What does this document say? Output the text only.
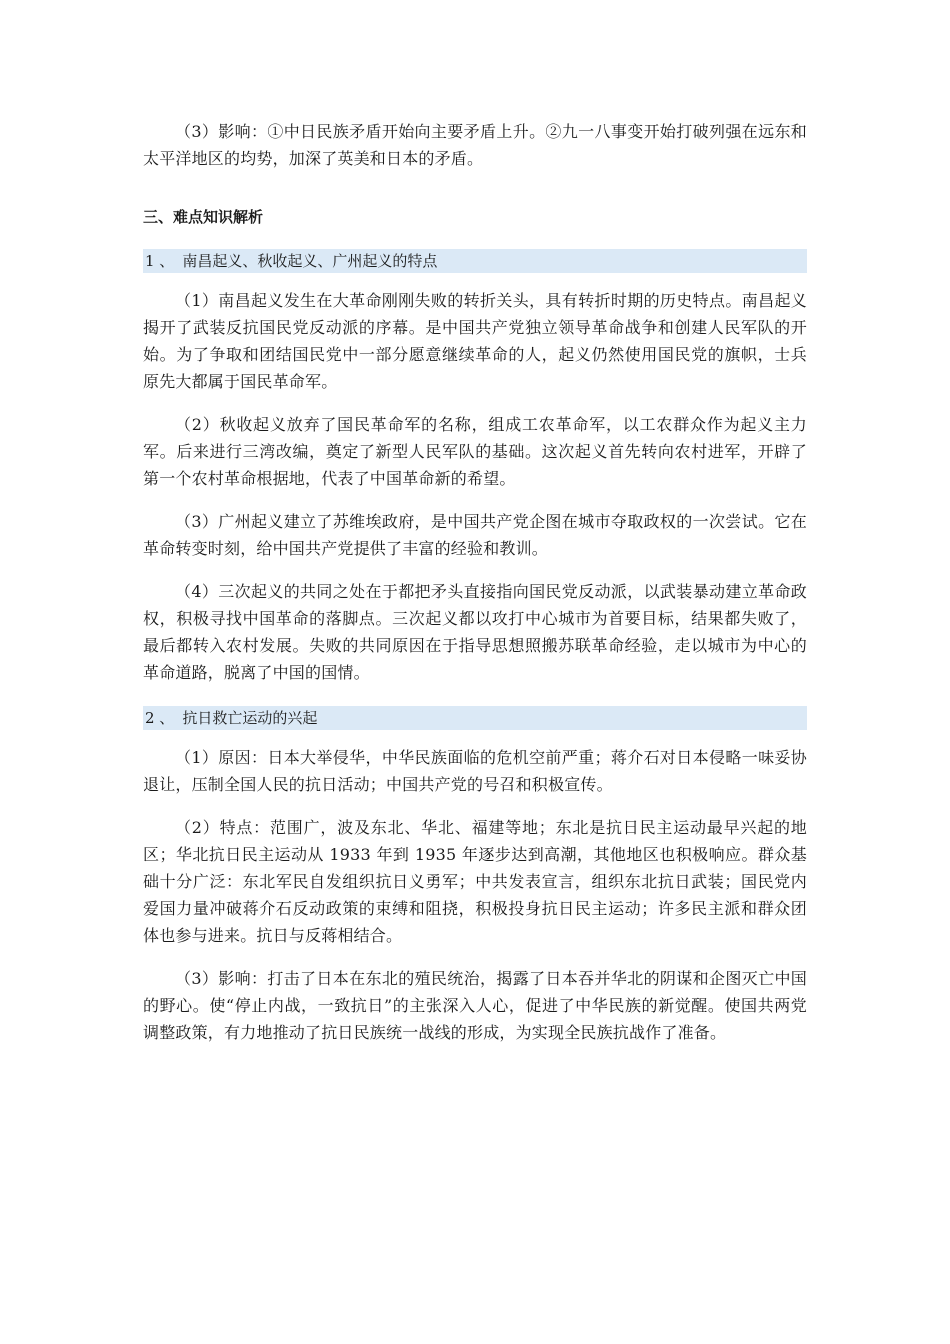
（3）影响：①中日民族矛盾开始向主要矛盾上升。②九一八事变开始打破列强在远东和太平洋地区的均势，加深了英美和日本的矛盾。

三、难点知识解析

1 、 南昌起义、秋收起义、广州起义的特点

（1）南昌起义发生在大革命刚刚失败的转折关头，具有转折时期的历史特点。南昌起义揭开了武装反抗国民党反动派的序幕。是中国共产党独立领导革命战争和创建人民军队的开始。为了争取和团结国民党中一部分愿意继续革命的人，起义仍然使用国民党的旗帜，士兵原先大都属于国民革命军。

（2）秋收起义放弃了国民革命军的名称，组成工农革命军，以工农群众作为起义主力军。后来进行三湾改编，奠定了新型人民军队的基础。这次起义首先转向农村进军，开辟了第一个农村革命根据地，代表了中国革命新的希望。

（3）广州起义建立了苏维埃政府，是中国共产党企图在城市夺取政权的一次尝试。它在革命转变时刻，给中国共产党提供了丰富的经验和教训。

（4）三次起义的共同之处在于都把矛头直接指向国民党反动派，以武装暴动建立革命政权，积极寻找中国革命的落脚点。三次起义都以攻打中心城市为首要目标，结果都失败了，最后都转入农村发展。失败的共同原因在于指导思想照搬苏联革命经验，走以城市为中心的革命道路，脱离了中国的国情。

2 、 抗日救亡运动的兴起

（1）原因：日本大举侵华，中华民族面临的危机空前严重；蒋介石对日本侵略一味妥协退让，压制全国人民的抗日活动；中国共产党的号召和积极宣传。

（2）特点：范围广，波及东北、华北、福建等地；东北是抗日民主运动最早兴起的地区；华北抗日民主运动从 1933 年到 1935 年逐步达到高潮，其他地区也积极响应。群众基础十分广泛：东北军民自发组织抗日义勇军；中共发表宣言，组织东北抗日武装；国民党内爱国力量冲破蒋介石反动政策的束缚和阻挠，积极投身抗日民主运动；许多民主派和群众团体也参与进来。抗日与反蒋相结合。

（3）影响：打击了日本在东北的殖民统治，揭露了日本吞并华北的阴谋和企图灭亡中国的野心。使“停止内战，一致抗日”的主张深入人心，促进了中华民族的新觉醒。使国共两党调整政策，有力地推动了抗日民族统一战线的形成，为实现全民族抗战作了准备。
